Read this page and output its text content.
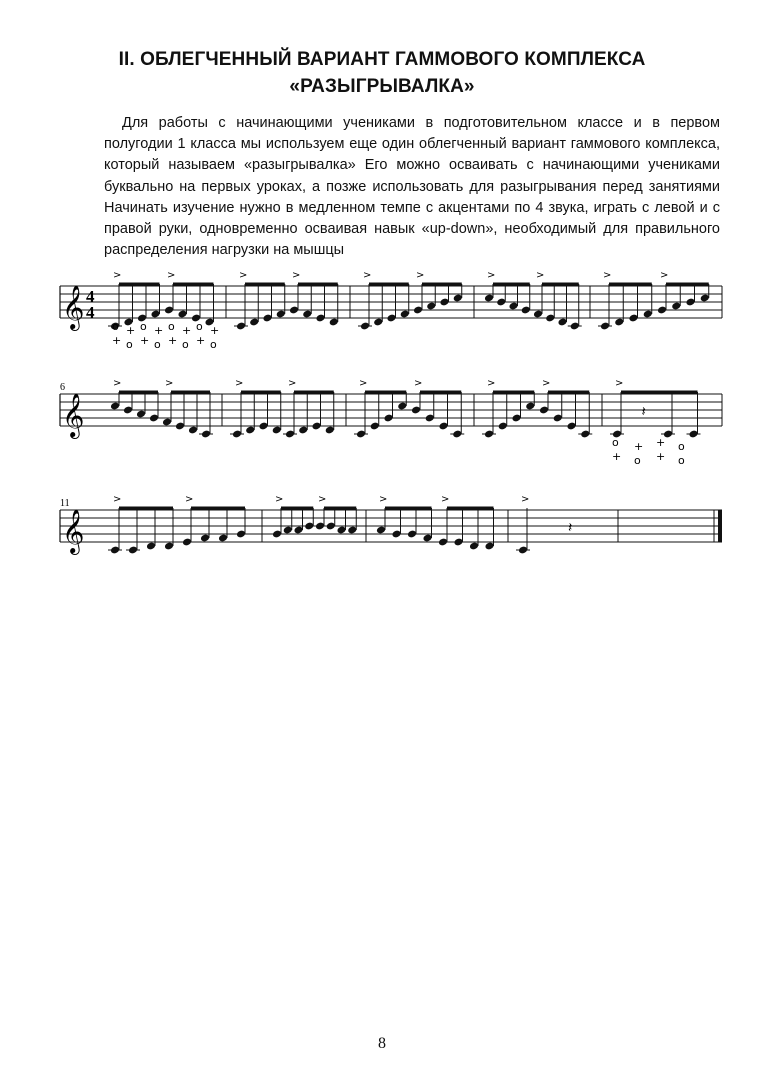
II. ОБЛЕГЧЕННЫЙ ВАРИАНТ ГАММОВОГО КОМПЛЕКСА
«РАЗЫГРЫВАЛКА»

Для работы с начинающими учениками в подготовительном классе и в первом полугодии 1 класса мы используем еще один облегченный вариант гаммового комплекса, который называем «разыгрывалка» Его можно осваивать с начинающими учениками буквально на первых уроках, а позже использовать для разыгрывания перед занятиями Начинать изучение нужно в медленном темпе с акцентами по 4 звука, играть с левой и с правой руки, одновременно осваивая навык «up-down», необходимый для правильного распределения нагрузки на мышцы

𝄞 4
4
>	>	>	>	>	>	>	>	>	>
o + o + o + o +
+ o + o + o + o
6
𝄞
>	>	>	>	>	>	>	>	>
𝄽
o + + o
+ o + o
11
𝄞
>	>	>	>	>	>	>
𝄽
8
